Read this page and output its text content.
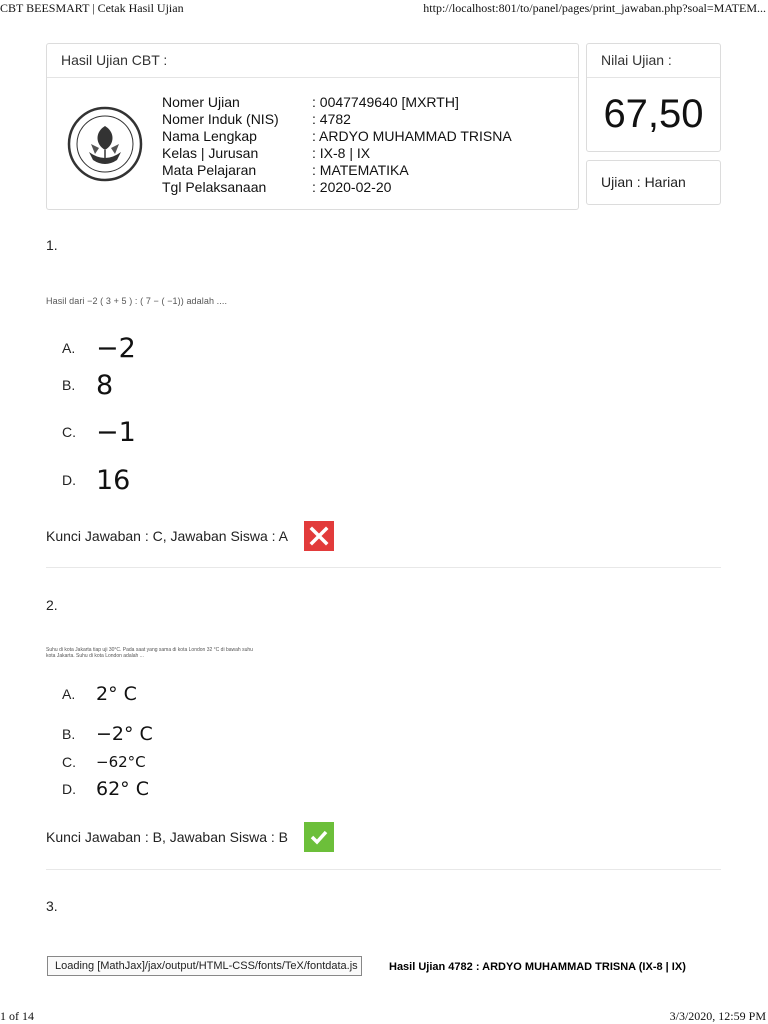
CBT BEESMART | Cetak Hasil Ujian	http://localhost:801/to/panel/pages/print_jawaban.php?soal=MATEM...
Hasil Ujian CBT :
Nomer Ujian	: 0047749640 [MXRTH]
Nomer Induk (NIS)	: 4782
Nama Lengkap	: ARDYO MUHAMMAD TRISNA
Kelas | Jurusan	: IX-8 | IX
Mata Pelajaran	: MATEMATIKA
Tgl Pelaksanaan	: 2020-02-20
Nilai Ujian :
67,50
Ujian : Harian
1.
Hasil dari −2 ( 3 + 5 ) : ( 7 − ( −1)) adalah ....
A. −2
B. 8
C. −1
D. 16
Kunci Jawaban : C, Jawaban Siswa : A
2.
Suhu di kota Jakarta tiap uji 30°C. Pada saat yang sama di kota London 32 °C di bawah suhu kota Jakarta. Suhu di kota London adalah ...
A.	2° C
B.	−2° C
C.	−62°C
D.	62° C
Kunci Jawaban : B, Jawaban Siswa : B
3.
Loading [MathJax]/jax/output/HTML-CSS/fonts/TeX/fontdata.js	Hasil Ujian 4782 : ARDYO MUHAMMAD TRISNA (IX-8 | IX)
1 of 14	3/3/2020, 12:59 PM
